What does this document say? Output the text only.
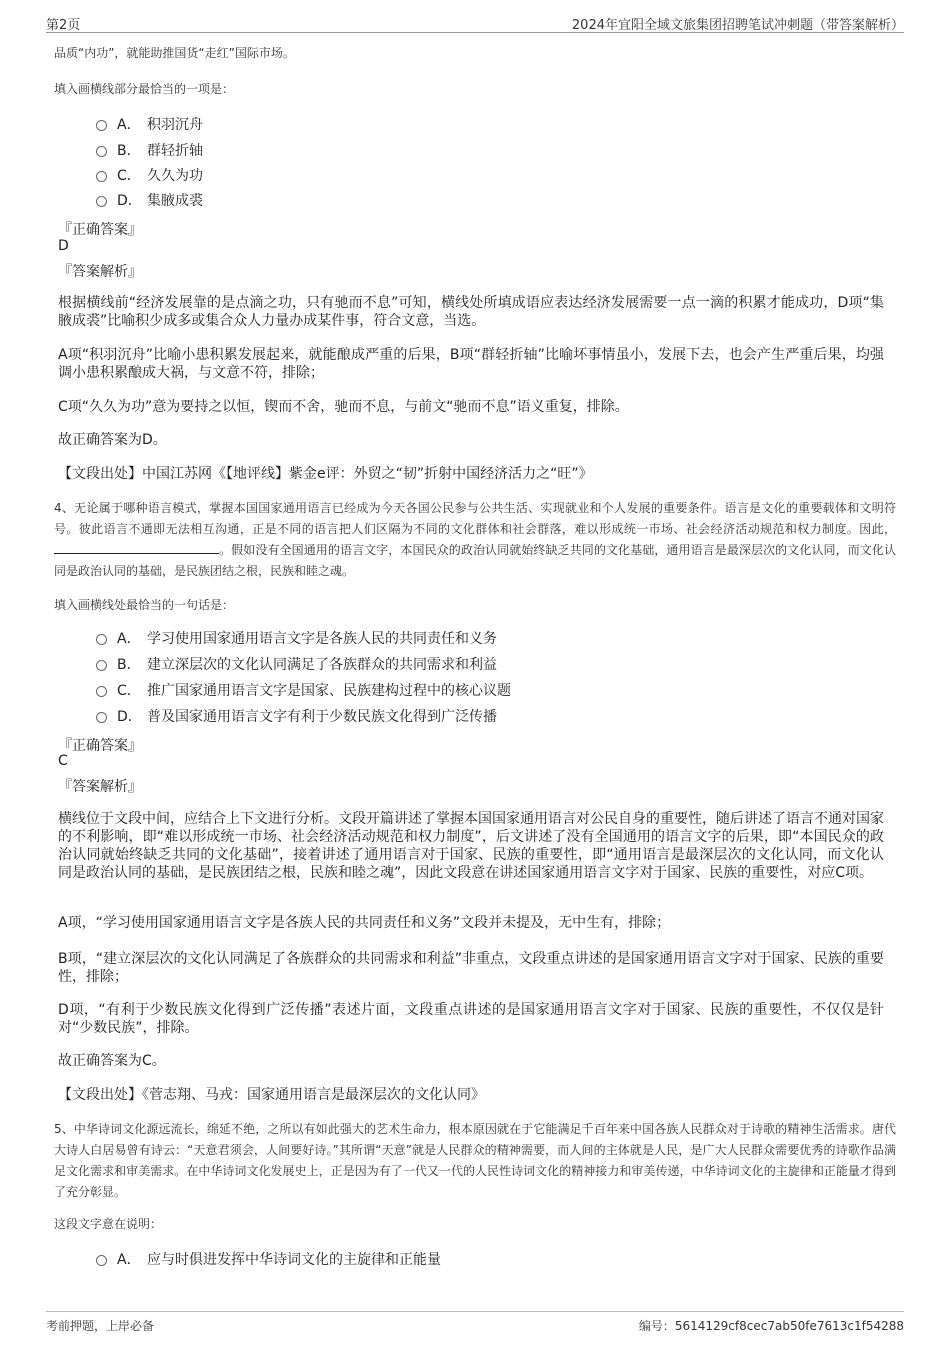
第2页	2024年宜阳全域文旅集团招聘笔试冲刺题（带答案解析）
品质“内功”，就能助推国货“走红”国际市场。
填入画横线部分最恰当的一项是：
A． 积羽沉舟
B． 群轻折轴
C． 久久为功
D． 集腋成裘
『正确答案』
D
『答案解析』
根据横线前“经济发展靠的是点滴之功，只有驰而不息”可知，横线处所填成语应表达经济发展需要一点一滴的积累才能成功，D项“集腋成裘”比喻积少成多或集合众人力量办成某件事，符合文意，当选。
A项“积羽沉舟”比喻小患积累发展起来，就能酿成严重的后果，B项“群轻折轴”比喻坏事情虽小，发展下去，也会产生严重后果，均强调小患积累酿成大祸，与文意不符，排除；
C项“久久为功”意为要持之以恒，锲而不舍，驰而不息，与前文“驰而不息”语义重复，排除。
故正确答案为D。
【文段出处】中国江苏网《【地评线】紫金e评：外贸之“韧”折射中国经济活力之“旺”》
4、无论属于哪种语言模式，掌握本国国家通用语言已经成为今天各国公民参与公共生活、实现就业和个人发展的重要条件。语言是文化的重要载体和文明符号。彼此语言不通即无法相互沟通，正是不同的语言把人们区隔为不同的文化群体和社会群落，难以形成统一市场、社会经济活动规范和权力制度。因此，。假如没有全国通用的语言文字，本国民众的政治认同就始终缺乏共同的文化基础，通用语言是最深层次的文化认同，而文化认同是政治认同的基础，是民族团结之根，民族和睦之魂。
填入画横线处最恰当的一句话是：
A． 学习使用国家通用语言文字是各族人民的共同责任和义务
B． 建立深层次的文化认同满足了各族群众的共同需求和利益
C． 推广国家通用语言文字是国家、民族建构过程中的核心议题
D． 普及国家通用语言文字有利于少数民族文化得到广泛传播
『正确答案』
C
『答案解析』
横线位于文段中间，应结合上下文进行分析。文段开篇讲述了掌握本国国家通用语言对公民自身的重要性，随后讲述了语言不通对国家的不利影响，即“难以形成统一市场、社会经济活动规范和权力制度”，后文讲述了没有全国通用的语言文字的后果，即“本国民众的政治认同就始终缺乏共同的文化基础”，接着讲述了通用语言对于国家、民族的重要性，即“通用语言是最深层次的文化认同，而文化认同是政治认同的基础，是民族团结之根，民族和睦之魂”，因此文段意在讲述国家通用语言文字对于国家、民族的重要性，对应C项。
A项，“学习使用国家通用语言文字是各族人民的共同责任和义务”文段并未提及，无中生有，排除；
B项，“建立深层次的文化认同满足了各族群众的共同需求和利益”非重点，文段重点讲述的是国家通用语言文字对于国家、民族的重要性，排除；
D项，“有利于少数民族文化得到广泛传播”表述片面，文段重点讲述的是国家通用语言文字对于国家、民族的重要性，不仅仅是针对“少数民族”，排除。
故正确答案为C。
【文段出处】《菅志翔、马戎：国家通用语言是最深层次的文化认同》
5、中华诗词文化源远流长，绵延不绝，之所以有如此强大的艺术生命力，根本原因就在于它能满足千百年来中国各族人民群众对于诗歌的精神生活需求。唐代大诗人白居易曾有诗云：“天意君须会，人间要好诗。”其所谓“天意”就是人民群众的精神需要，而人间的主体就是人民，是广大人民群众需要优秀的诗歌作品满足文化需求和审美需求。在中华诗词文化发展史上，正是因为有了一代又一代的人民性诗词文化的精神接力和审美传递，中华诗词文化的主旋律和正能量才得到了充分彰显。
这段文字意在说明：
A． 应与时俱进发挥中华诗词文化的主旋律和正能量
考前押题，上岸必备	编号：5614129cf8cec7ab50fe7613c1f54288
